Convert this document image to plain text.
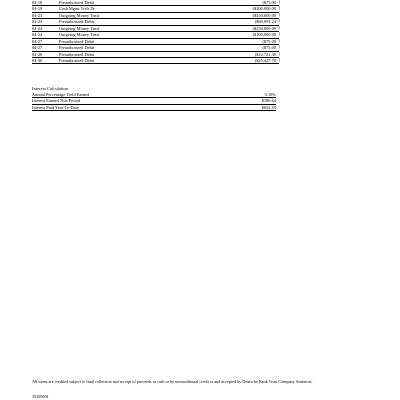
04-18	Preauthorized Debit	($75.00 )
04-19	Cash Mgmt Trsfr Dr	($200,000.00 )
04-23	Outgoing Money Trnsf	($450,000.00 )
04-23	Preauthorized Debit	($69,093.24 )
04-24	Outgoing Money Trnsf	($250,000.00 )
04-24	Outgoing Money Trnsf	($100,000.00 )
04-27	Preauthorized Debit	($75.00 )
04-27	Preauthorized Debit	($75.00 )
04-26	Preauthorized Debit	($12,721.30 )
04-30	Preauthorized Debit	($25,427.70 )
Interest Calculation
Annual Percentage Yield Earned	0.10%
Interest Earned This Period	$180.64
Interest Paid Year-To-Date	$652.53
All items are credited subject to final collection and receipt of proceeds in cash or by unconditional credit to and accepted by Deutsche Bank Trust Company Americas.
35269691
